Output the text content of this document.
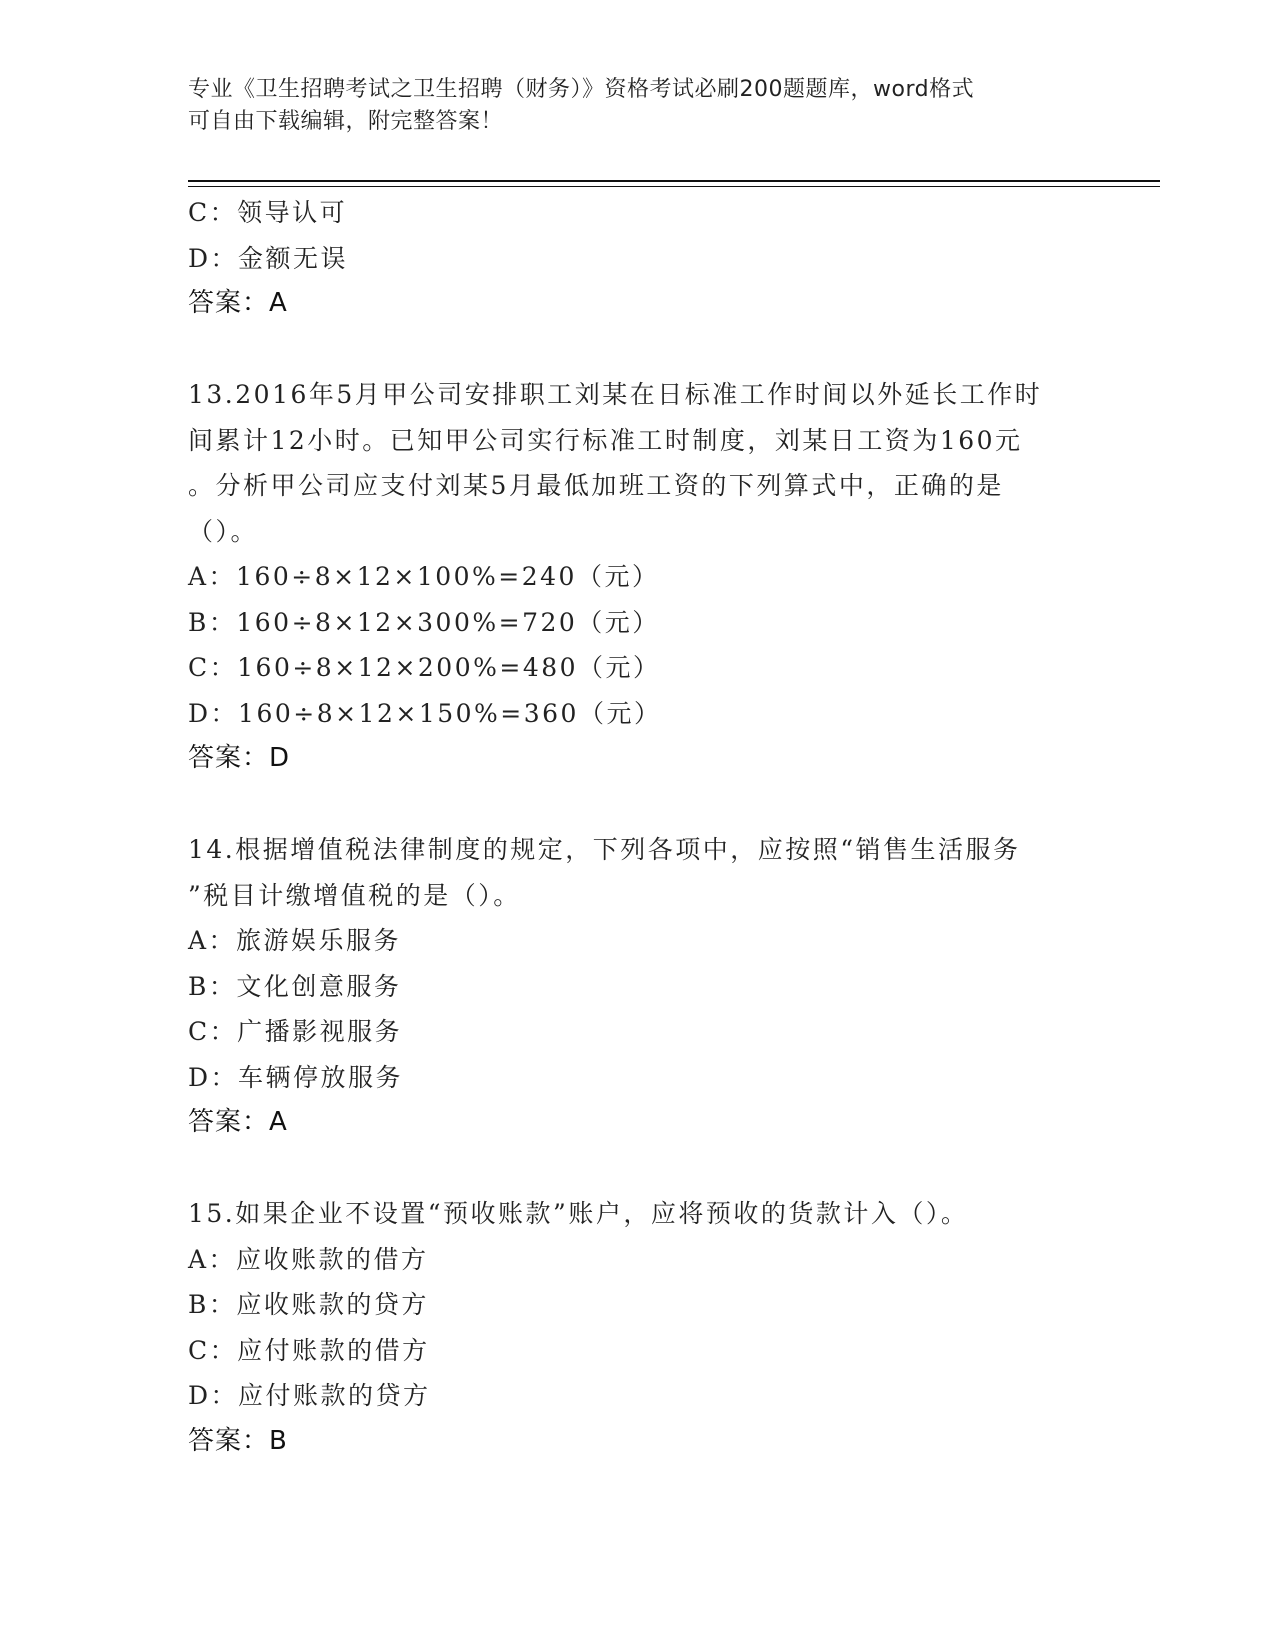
专业《卫生招聘考试之卫生招聘（财务）》资格考试必刷200题题库，word格式
可自由下载编辑，附完整答案！
C：领导认可
D：金额无误
答案：A
13.2016年5月甲公司安排职工刘某在日标准工作时间以外延长工作时
间累计12小时。已知甲公司实行标准工时制度，刘某日工资为160元
。分析甲公司应支付刘某5月最低加班工资的下列算式中，正确的是
（）。
A：160÷8×12×100%=240（元）
B：160÷8×12×300%=720（元）
C：160÷8×12×200%=480（元）
D：160÷8×12×150%=360（元）
答案：D
14.根据增值税法律制度的规定，下列各项中，应按照“销售生活服务
”税目计缴增值税的是（）。
A：旅游娱乐服务
B：文化创意服务
C：广播影视服务
D：车辆停放服务
答案：A
15.如果企业不设置“预收账款”账户，应将预收的货款计入（）。
A：应收账款的借方
B：应收账款的贷方
C：应付账款的借方
D：应付账款的贷方
答案：B
